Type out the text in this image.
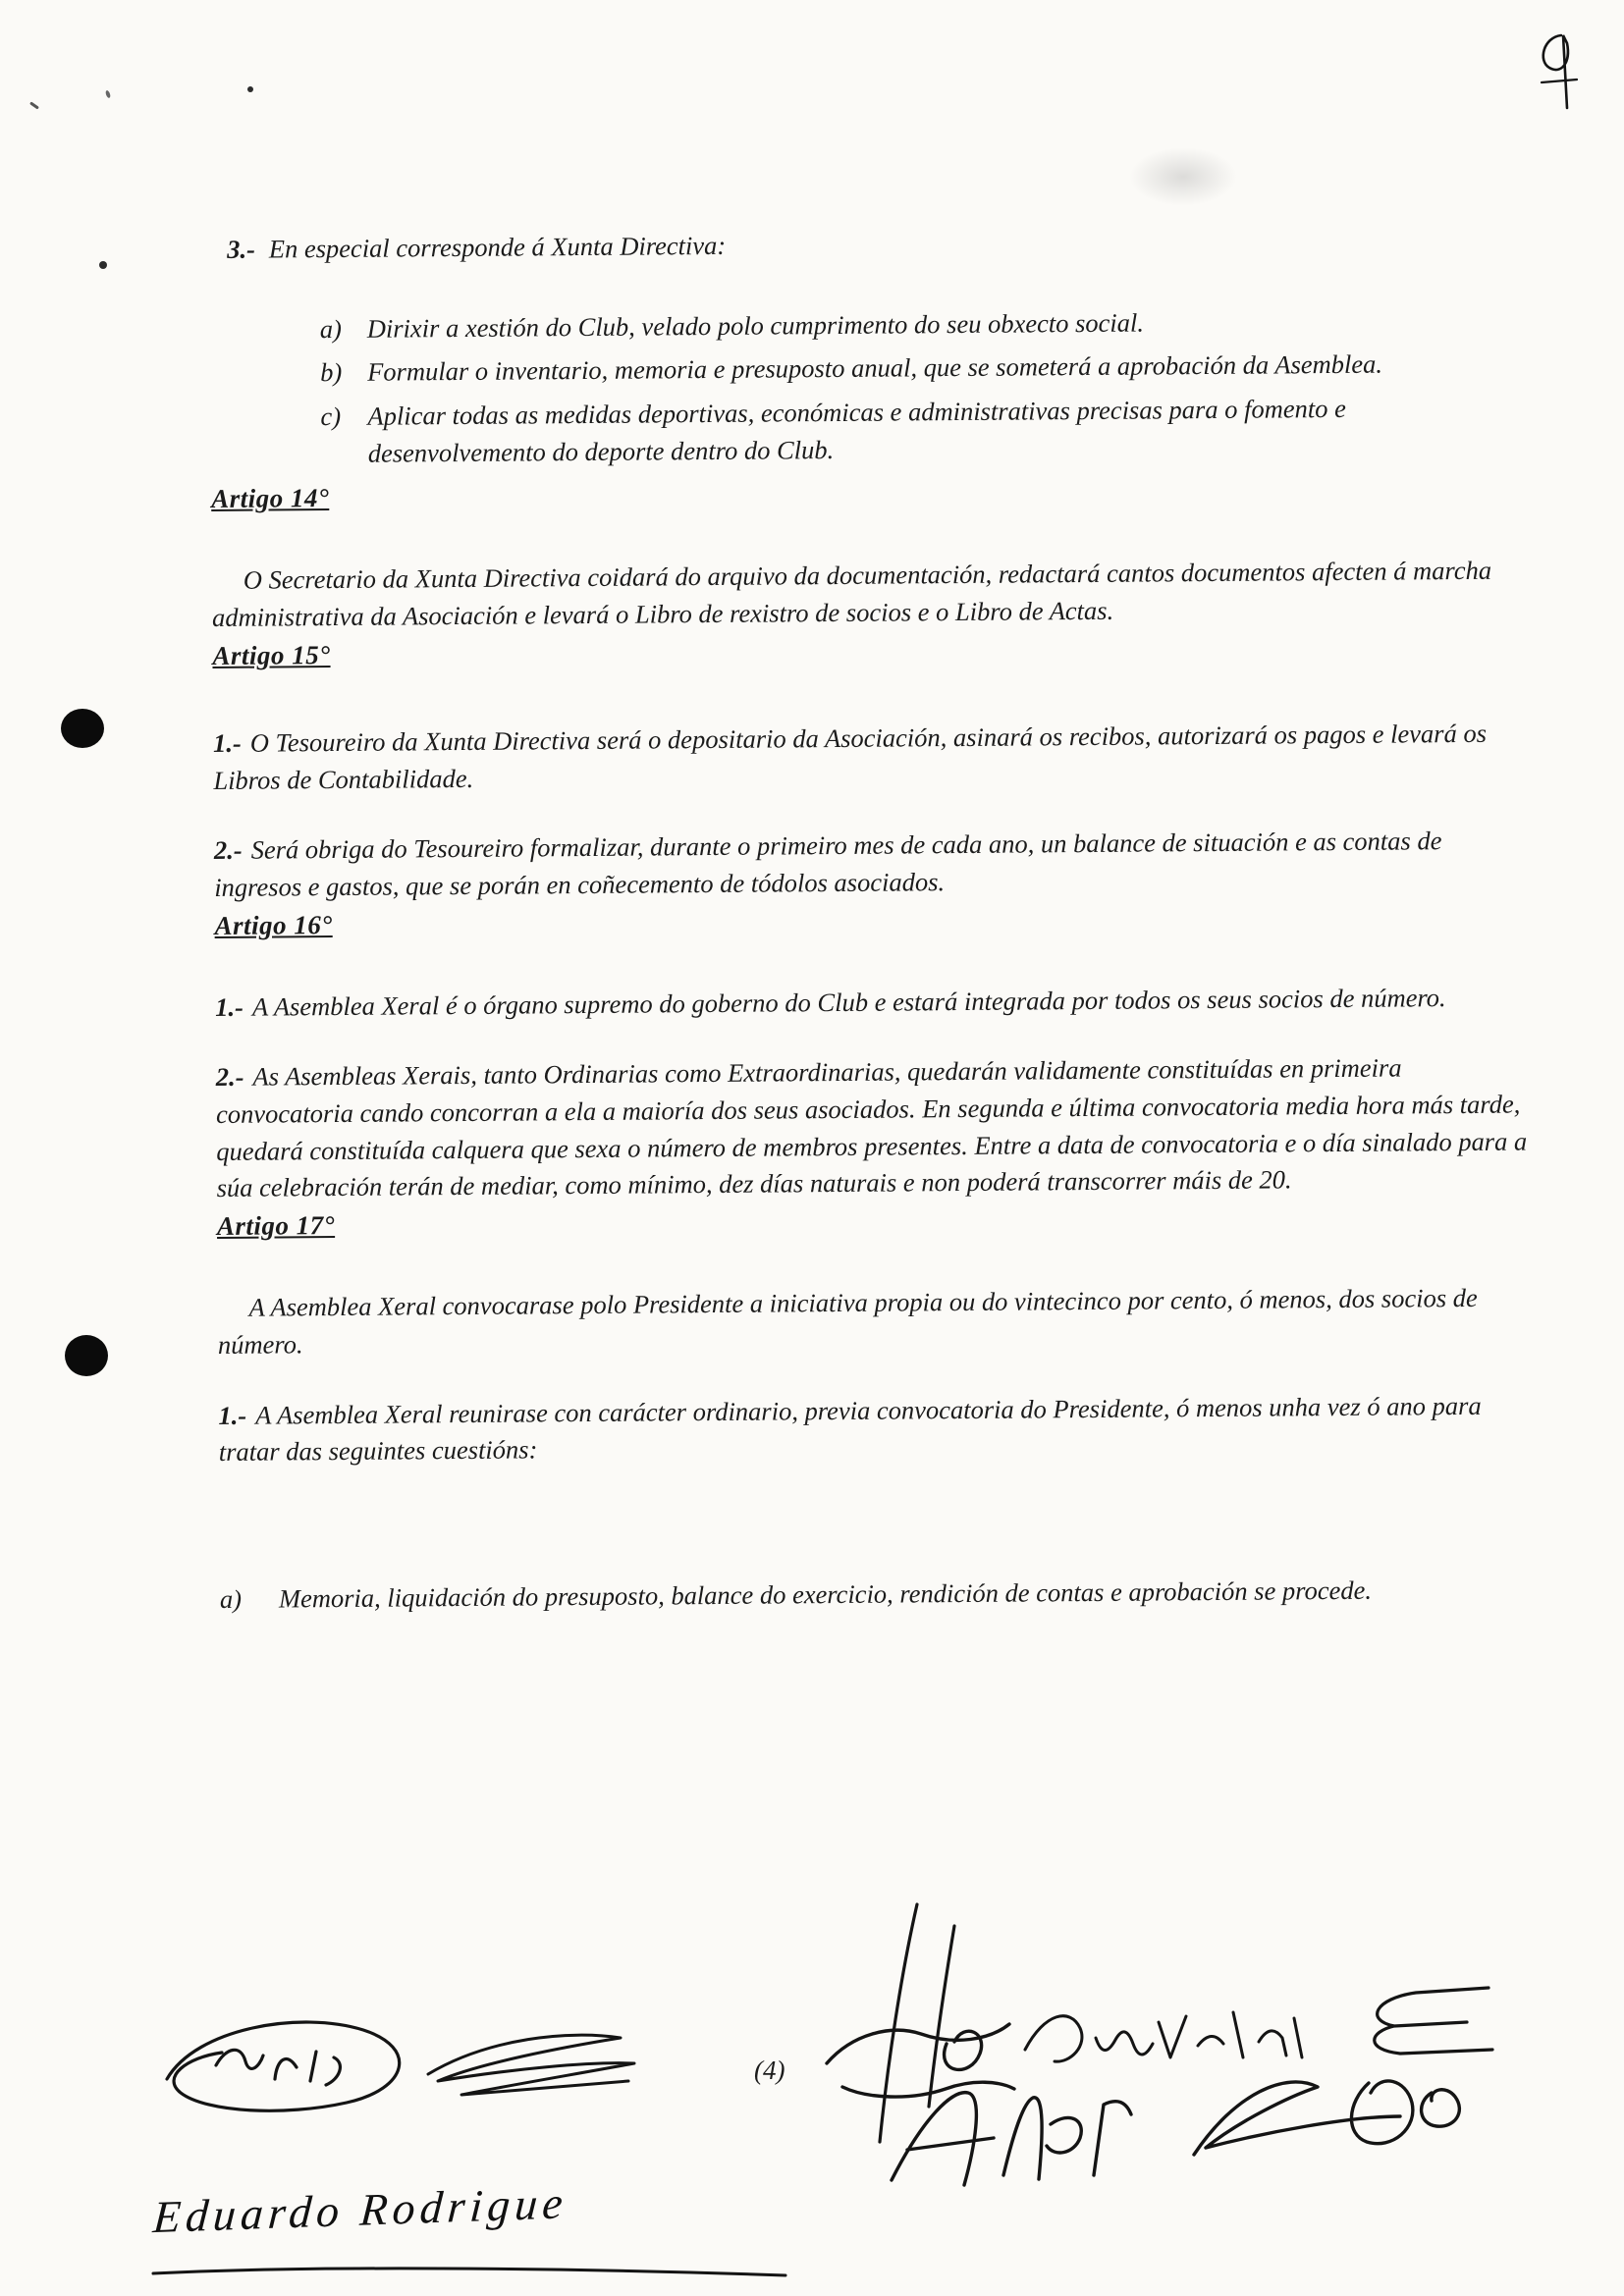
3.- En especial corresponde á Xunta Directiva:
a) Dirixir a xestión do Club, velado polo cumprimento do seu obxecto social.
b) Formular o inventario, memoria e presuposto anual, que se someterá a aprobación da Asemblea.
c)	Aplicar todas as medidas deportivas, económicas e administrativas precisas para o fomento e desenvolvemento do deporte dentro do Club.
Artigo 14°

O Secretario da Xunta Directiva coidará do arquivo da documentación, redactará cantos documentos afecten á marcha administrativa da Asociación e levará o Libro de rexistro de socios e o Libro de Actas.

Artigo 15°

1.- O Tesoureiro da Xunta Directiva será o depositario da Asociación, asinará os recibos, autorizará os pagos e levará os Libros de Contabilidade.

2.- Será obriga do Tesoureiro formalizar, durante o primeiro mes de cada ano, un balance de situación e as contas de ingresos e gastos, que se porán en coñecemento de tódolos asociados.

Artigo 16°

1.- A Asemblea Xeral é o órgano supremo do goberno do Club e estará integrada por todos os seus socios de número.

2.- As Asembleas Xerais, tanto Ordinarias como Extraordinarias, quedarán validamente constituídas en primeira convocatoria cando concorran a ela a maioría dos seus asociados. En segunda e última convocatoria media hora más tarde, quedará constituída calquera que sexa o número de membros presentes. Entre a data de convocatoria e o día sinalado para a súa celebración terán de mediar, como mínimo, dez días naturais e non poderá transcorrer máis de 20.

Artigo 17°

A Asemblea Xeral convocarase polo Presidente a iniciativa propia ou do vintecinco por cento, ó menos, dos socios de número.

1.- A Asemblea Xeral reunirase con carácter ordinario, previa convocatoria do Presidente, ó menos unha vez ó ano para tratar das seguintes cuestións:

a)	Memoria, liquidación do presuposto, balance do exercicio, rendición de contas e aprobación se procede.
(4)
Eduardo Rodrigue
